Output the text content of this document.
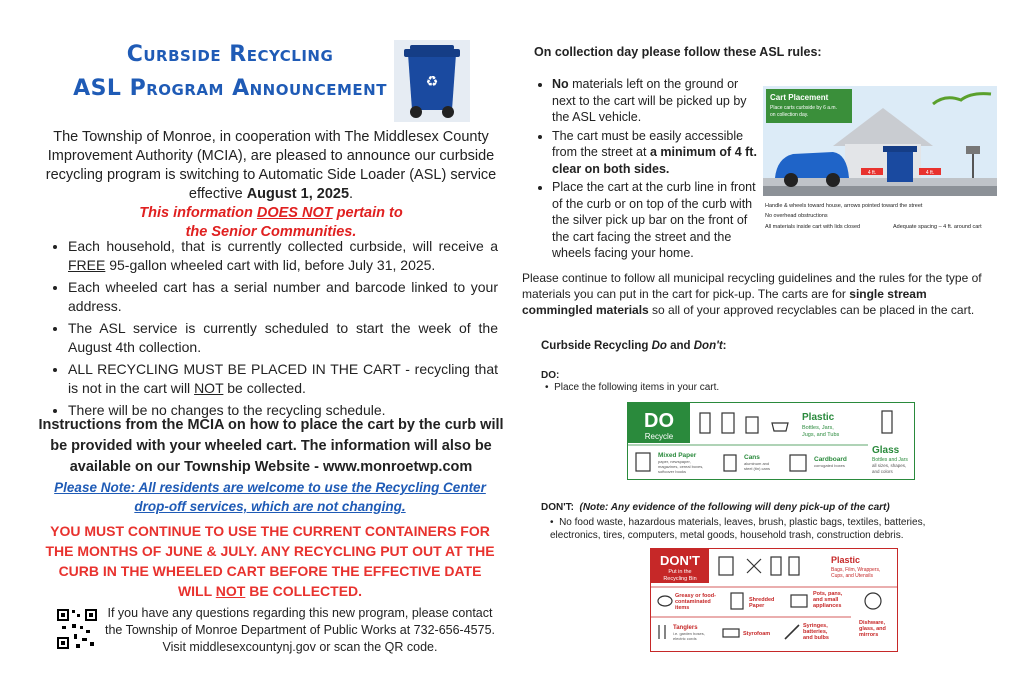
Curbside Recycling
ASL Program Announcement	♻
The Township of Monroe, in cooperation with The Middlesex County Improvement Authority (MCIA), are pleased to announce our curbside recycling program is switching to Automatic Side Loader (ASL) service effective August 1, 2025.
This information DOES NOT pertain to
the Senior Communities.
• Each household, that is currently collected curbside, will receive a FREE 95-gallon wheeled cart with lid, before July 31, 2025.
• Each wheeled cart has a serial number and barcode linked to your address.
• The ASL service is currently scheduled to start the week of the August 4th collection.
• ALL RECYCLING MUST BE PLACED IN THE CART - recycling that is not in the cart will NOT be collected.
• There will be no changes to the recycling schedule.
Instructions from the MCIA on how to place the cart by the curb will be provided with your wheeled cart. The information will also be available on our Township Website - www.monroetwp.com
Please Note: All residents are welcome to use the Recycling Center drop-off services, which are not changing.
YOU MUST CONTINUE TO USE THE CURRENT CONTAINERS FOR THE MONTHS OF JUNE & JULY. ANY RECYCLING PUT OUT AT THE CURB IN THE WHEELED CART BEFORE THE EFFECTIVE DATE WILL NOT BE COLLECTED.
If you have any questions regarding this new program, please contact
the Township of Monroe Department of Public Works at 732-656-4575.
Visit middlesexcountynj.gov or scan the QR code.
On collection day please follow these ASL rules:
• No materials left on the ground or next to the cart will be picked up by the ASL vehicle.
• The cart must be easily accessible from the street at a minimum of 4 ft. clear on both sides.
• Place the cart at the curb line in front of the curb or on top of the curb with the silver pick up bar on the front of the cart facing the street and the wheels facing your home.
4 ft.	4 ft.
Cart Placement
Place carts curbside by 6 a.m.
on collection day.
Handle & wheels toward house, arrows pointed toward the street
No overhead obstructions
All materials inside cart with lids closed	Adequate spacing – 4 ft. around cart
Please continue to follow all municipal recycling guidelines and the rules for the type of materials you can put in the cart for pick-up. The carts are for single stream commingled materials so all of your approved recyclables can be placed in the cart.
Curbside Recycling Do and Don't:
DO:
•  Place the following items in your cart.
DO
Recycle
Plastic
Bottles, Jars,
Jugs, and Tubs
Glass
Bottles and Jars
all sizes, shapes,
and colors
Mixed Paper
paper, newspaper,
magazines, cereal boxes,
softcover books
Cans
aluminum and
steel (tin) cans
Cardboard
corrugated boxes
DON'T: (Note: Any evidence of the following will deny pick-up of the cart)
•  No food waste, hazardous materials, leaves, brush, plastic bags, textiles, batteries, electronics, tires, computers, metal goods, household trash, construction debris.
DON'T
Put in the
Recycling Bin
Plastic
Bags, Film, Wrappers,
Cups, and Utensils
Greasy or food-
contaminated
items
Shredded
Paper
Pots, pans,
and small
appliances
Dishware,
glass, and
mirrors
Tanglers
i.e. garden hoses,
electric cords
Styrofoam
Syringes,
batteries,
and bulbs
